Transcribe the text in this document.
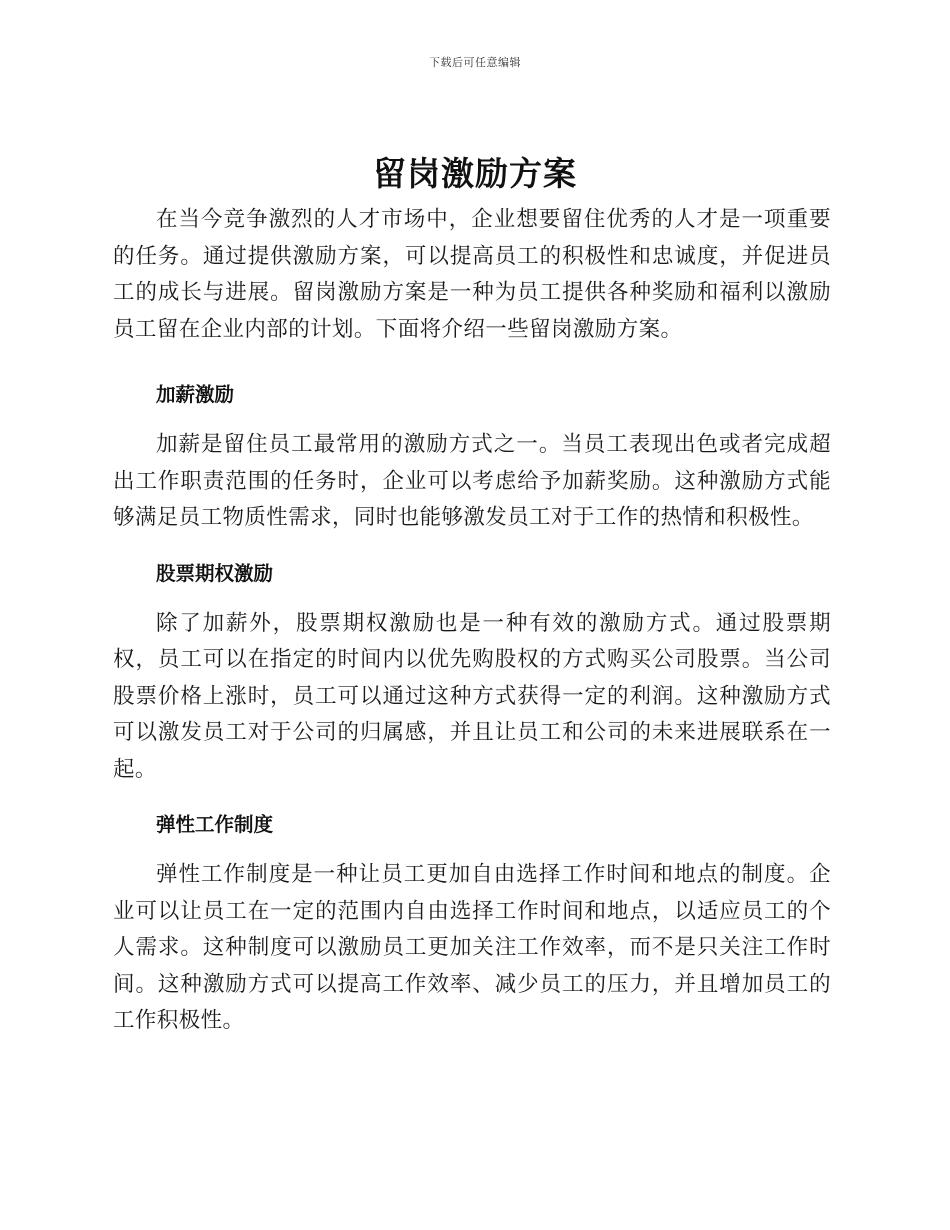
下载后可任意编辑
留岗激励方案

在当今竞争激烈的人才市场中，企业想要留住优秀的人才是一项重要的任务。通过提供激励方案，可以提高员工的积极性和忠诚度，并促进员工的成长与进展。留岗激励方案是一种为员工提供各种奖励和福利以激励员工留在企业内部的计划。下面将介绍一些留岗激励方案。

加薪激励

加薪是留住员工最常用的激励方式之一。当员工表现出色或者完成超出工作职责范围的任务时，企业可以考虑给予加薪奖励。这种激励方式能够满足员工物质性需求，同时也能够激发员工对于工作的热情和积极性。

股票期权激励

除了加薪外，股票期权激励也是一种有效的激励方式。通过股票期权，员工可以在指定的时间内以优先购股权的方式购买公司股票。当公司股票价格上涨时，员工可以通过这种方式获得一定的利润。这种激励方式可以激发员工对于公司的归属感，并且让员工和公司的未来进展联系在一起。

弹性工作制度

弹性工作制度是一种让员工更加自由选择工作时间和地点的制度。企业可以让员工在一定的范围内自由选择工作时间和地点，以适应员工的个人需求。这种制度可以激励员工更加关注工作效率，而不是只关注工作时间。这种激励方式可以提高工作效率、减少员工的压力，并且增加员工的工作积极性。
